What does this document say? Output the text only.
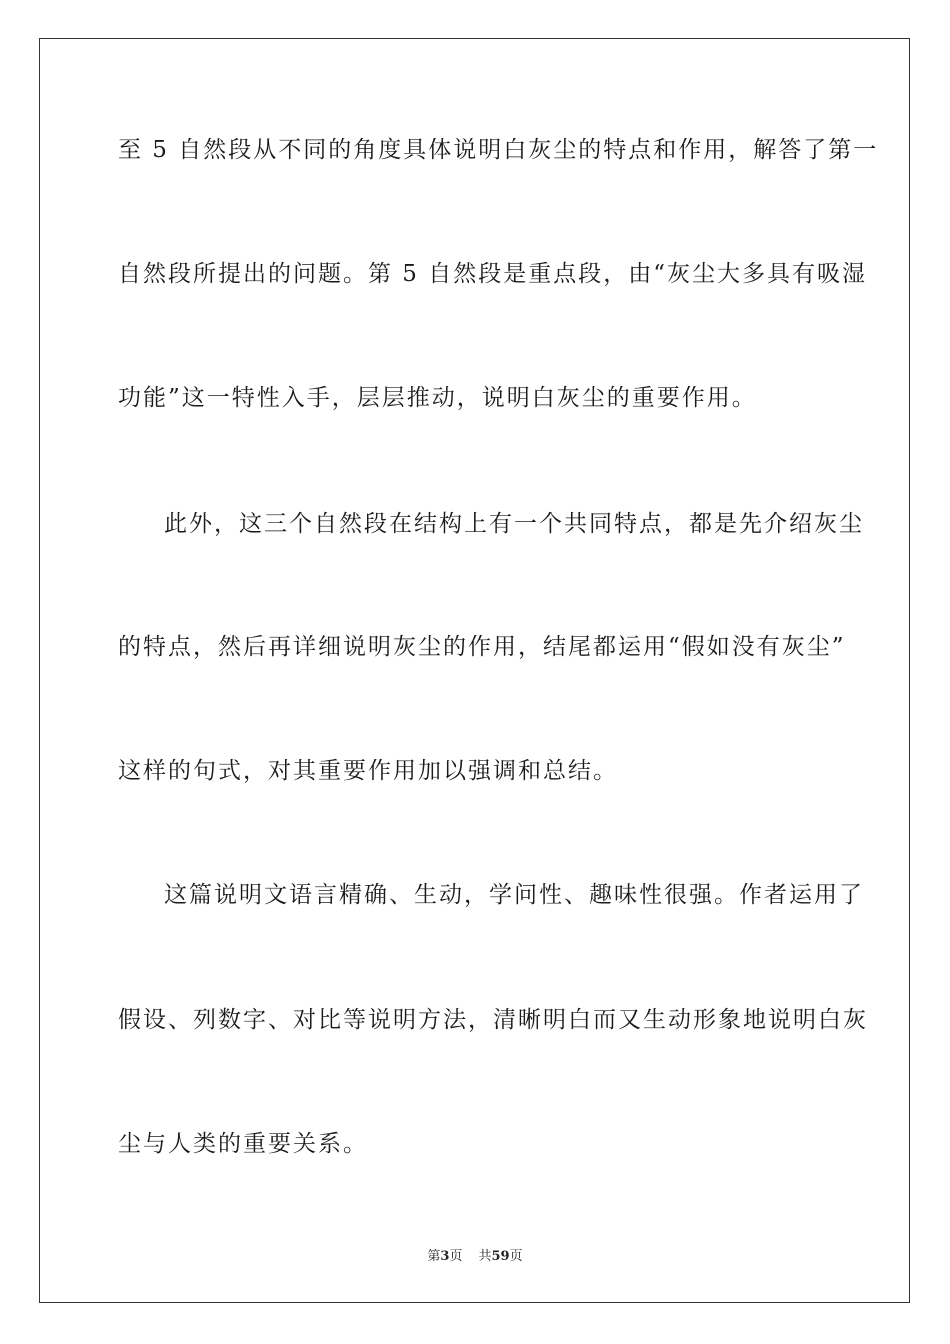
至 5 自然段从不同的角度具体说明白灰尘的特点和作用，解答了第一
自然段所提出的问题。第 5 自然段是重点段，由“灰尘大多具有吸湿
功能”这一特性入手，层层推动，说明白灰尘的重要作用。
此外，这三个自然段在结构上有一个共同特点，都是先介绍灰尘
的特点，然后再详细说明灰尘的作用，结尾都运用“假如没有灰尘”
这样的句式，对其重要作用加以强调和总结。
这篇说明文语言精确、生动，学问性、趣味性很强。作者运用了
假设、列数字、对比等说明方法，清晰明白而又生动形象地说明白灰
尘与人类的重要关系。
第3页 共59页
